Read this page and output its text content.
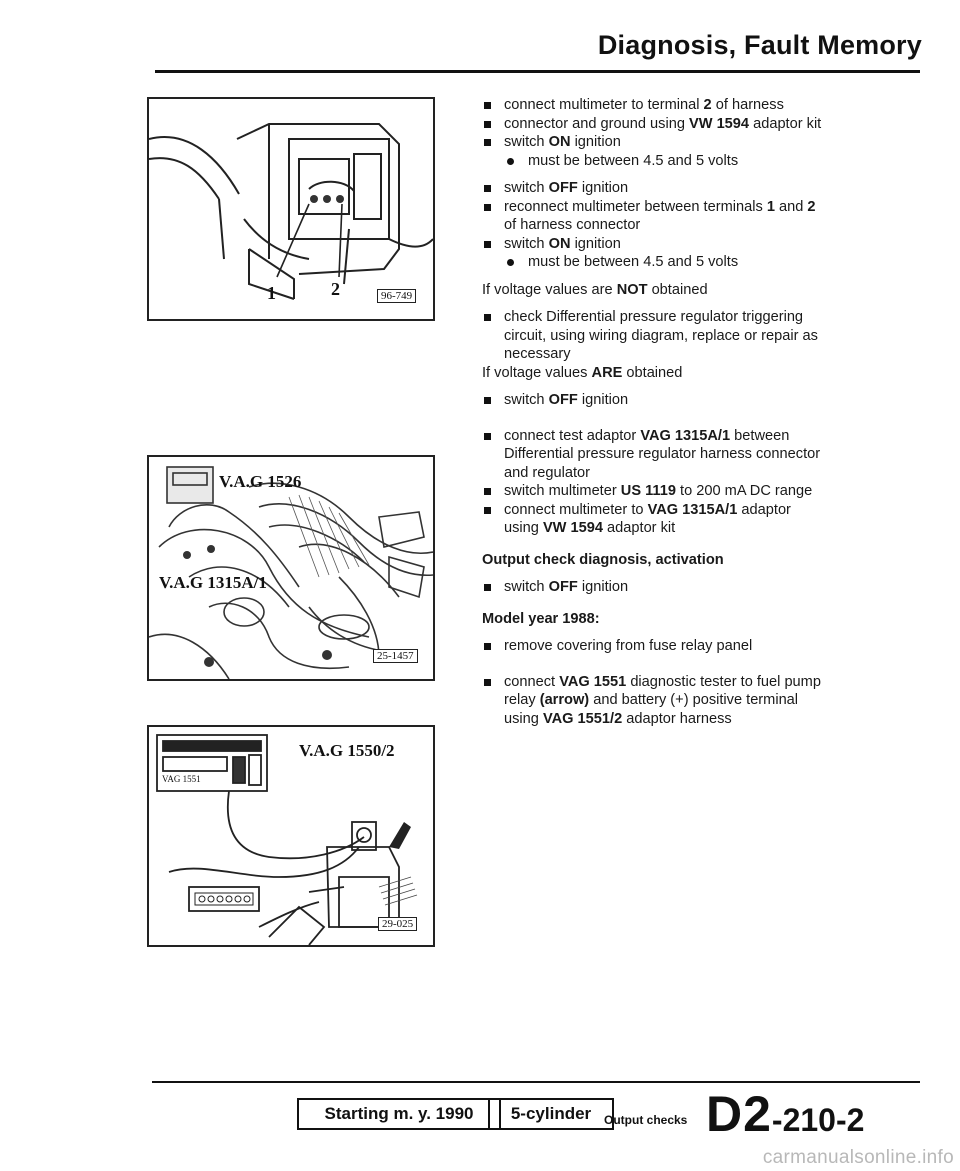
Diagnosis, Fault Memory
1	2	96-749
V.A.G 1526
V.A.G 1315A/1
25-1457
V.A.G 1550/2
VAG 1551
29-025
connect multimeter to terminal 2 of harness
connector and ground using VW 1594 adaptor kit
switch ON ignition
must be between 4.5 and 5 volts
switch OFF ignition
reconnect multimeter between terminals 1 and 2
of harness connector
switch ON ignition
must be between 4.5 and 5 volts
If voltage values are NOT obtained
check Differential pressure regulator triggering
circuit, using wiring diagram, replace or repair as
necessary
If voltage values ARE obtained
switch OFF ignition
connect test adaptor VAG 1315A/1 between
Differential pressure regulator harness connector
and regulator
switch multimeter US 1119 to 200 mA DC range
connect multimeter to VAG 1315A/1 adaptor
using VW 1594 adaptor kit
Output check diagnosis, activation
switch OFF ignition
Model year 1988:
remove covering from fuse relay panel
connect VAG 1551 diagnostic tester to fuel pump
relay (arrow) and battery (+) positive terminal
using VAG 1551/2 adaptor harness
Starting m. y. 1990	5-cylinder	Output checks D2-210-2
carmanualsonline.info
